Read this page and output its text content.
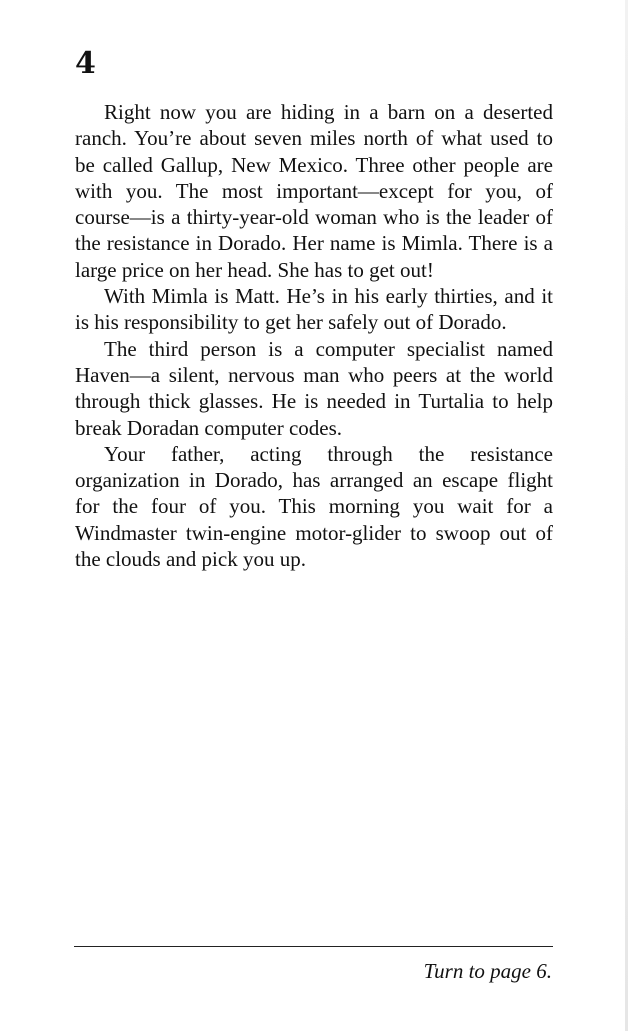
4

Right now you are hiding in a barn on a deserted ranch. You’re about seven miles north of what used to be called Gallup, New Mexico. Three other people are with you. The most important—except for you, of course—is a thirty-year-old woman who is the leader of the resistance in Dorado. Her name is Mimla. There is a large price on her head. She has to get out!

With Mimla is Matt. He’s in his early thirties, and it is his responsibility to get her safely out of Dorado.

The third person is a computer specialist named Haven—a silent, nervous man who peers at the world through thick glasses. He is needed in Turtalia to help break Doradan computer codes.

Your father, acting through the resistance organization in Dorado, has arranged an escape flight for the four of you. This morning you wait for a Windmaster twin-engine motor-glider to swoop out of the clouds and pick you up.

Turn to page 6.
